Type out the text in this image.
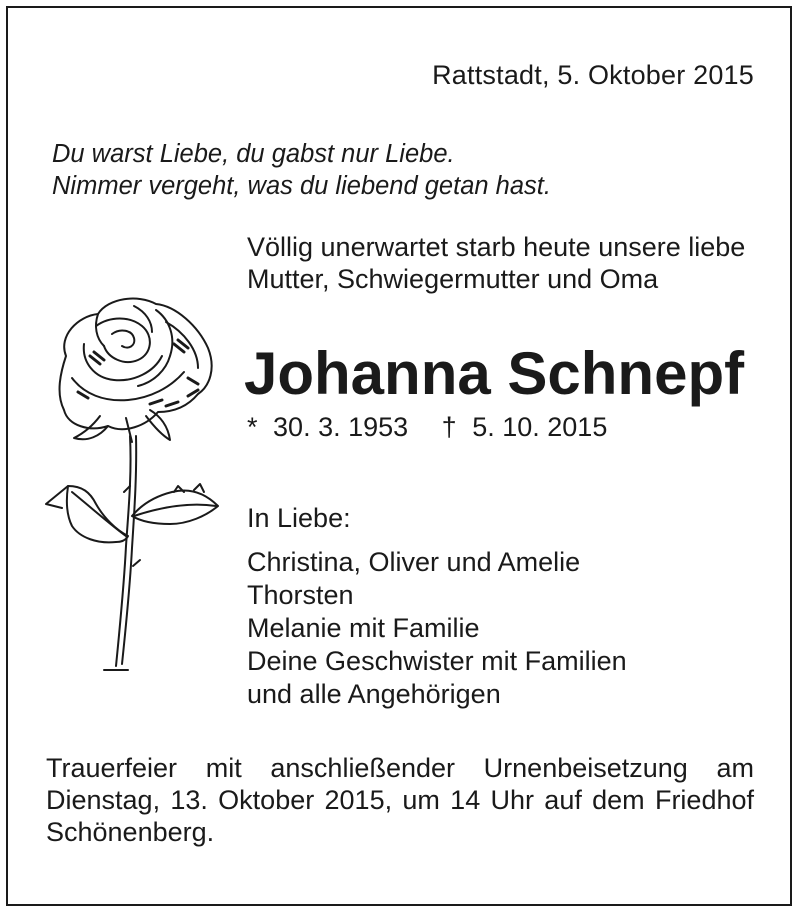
Rattstadt, 5. Oktober 2015
Du warst Liebe, du gabst nur Liebe.
Nimmer vergeht, was du liebend getan hast.
Völlig unerwartet starb heute unsere liebe
Mutter, Schwiegermutter und Oma
Johanna Schnepf
* 30. 3. 1953 † 5. 10. 2015
In Liebe:
Christina, Oliver und Amelie
Thorsten
Melanie mit Familie
Deine Geschwister mit Familien
und alle Angehörigen
Trauerfeier mit anschließender Urnenbeisetzung am
Dienstag, 13. Oktober 2015, um 14 Uhr auf dem Friedhof
Schönenberg.
